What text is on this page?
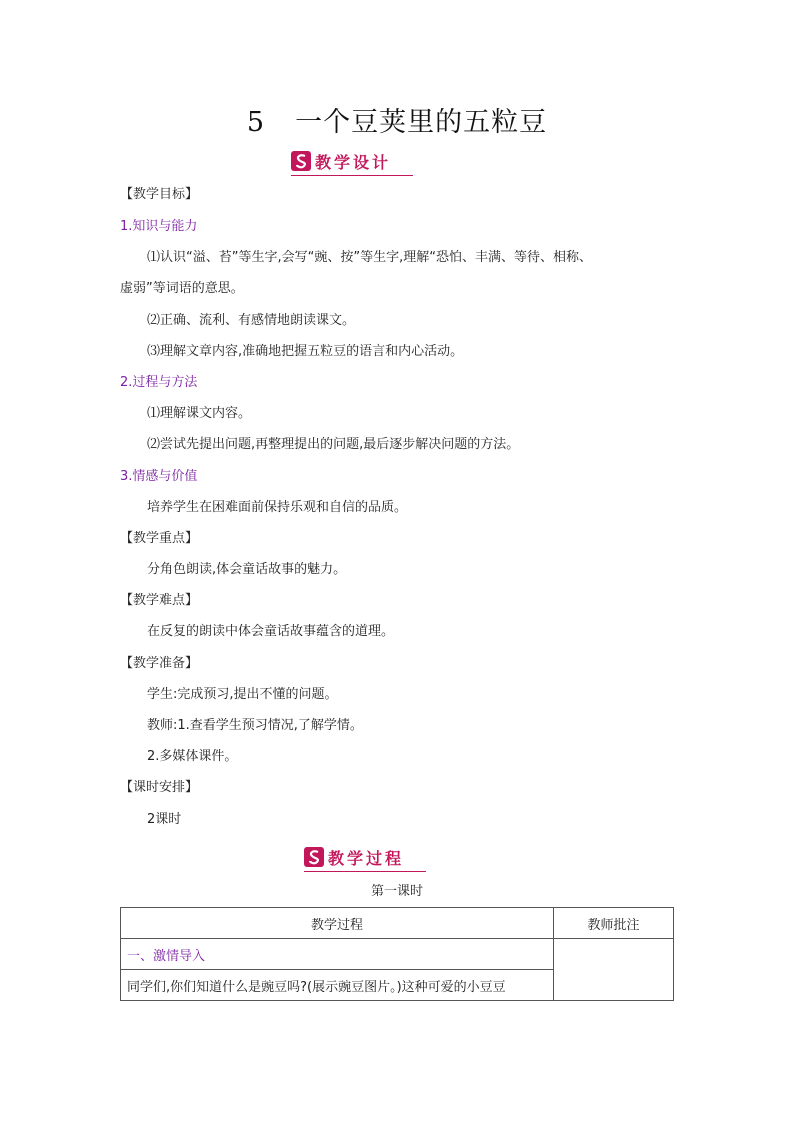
5 一个豆荚里的五粒豆
教学设计
【教学目标】
1.知识与能力
⑴认识“溢、苔”等生字,会写“豌、按”等生字,理解“恐怕、丰满、等待、相称、
虚弱”等词语的意思。
⑵正确、流利、有感情地朗读课文。
⑶理解文章内容,准确地把握五粒豆的语言和内心活动。
2.过程与方法
⑴理解课文内容。
⑵尝试先提出问题,再整理提出的问题,最后逐步解决问题的方法。
3.情感与价值
培养学生在困难面前保持乐观和自信的品质。
【教学重点】
分角色朗读,体会童话故事的魅力。
【教学难点】
在反复的朗读中体会童话故事蕴含的道理。
【教学准备】
学生:完成预习,提出不懂的问题。
教师:1.查看学生预习情况,了解学情。
2.多媒体课件。
【课时安排】
2课时
教学过程
第一课时
教学过程	教师批注
一、激情导入	
同学们,你们知道什么是豌豆吗?(展示豌豆图片。)这种可爱的小豆豆	
